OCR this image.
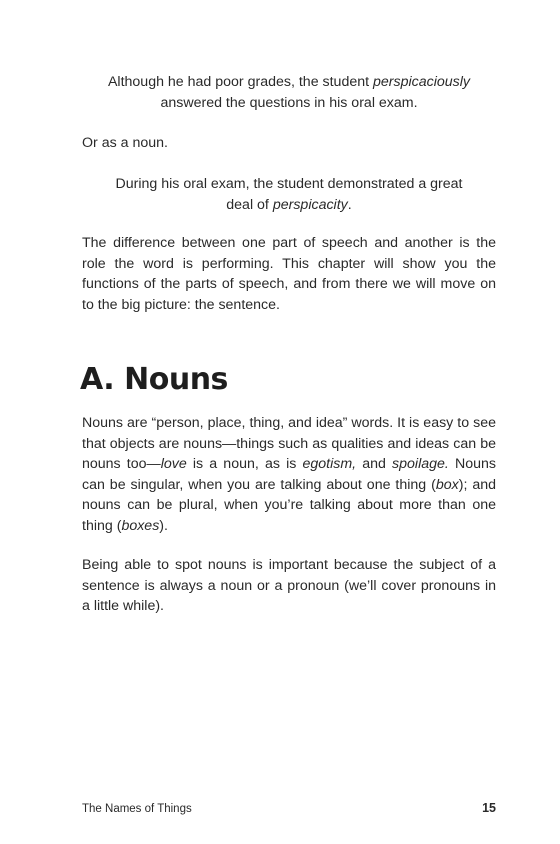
Although he had poor grades, the student perspicaciously
answered the questions in his oral exam.

Or as a noun.

During his oral exam, the student demonstrated a great
deal of perspicacity.

The difference between one part of speech and another is the role the word is performing. This chapter will show you the functions of the parts of speech, and from there we will move on to the big picture: the sentence.

A. Nouns

Nouns are “person, place, thing, and idea” words. It is easy to see that objects are nouns—things such as qualities and ideas can be nouns too—love is a noun, as is egotism, and spoilage. Nouns can be singular, when you are talking about one thing (box); and nouns can be plural, when you’re talking about more than one thing (boxes).

Being able to spot nouns is important because the subject of a sentence is always a noun or a pronoun (we’ll cover pronouns in a little while).

The Names of Things	15
